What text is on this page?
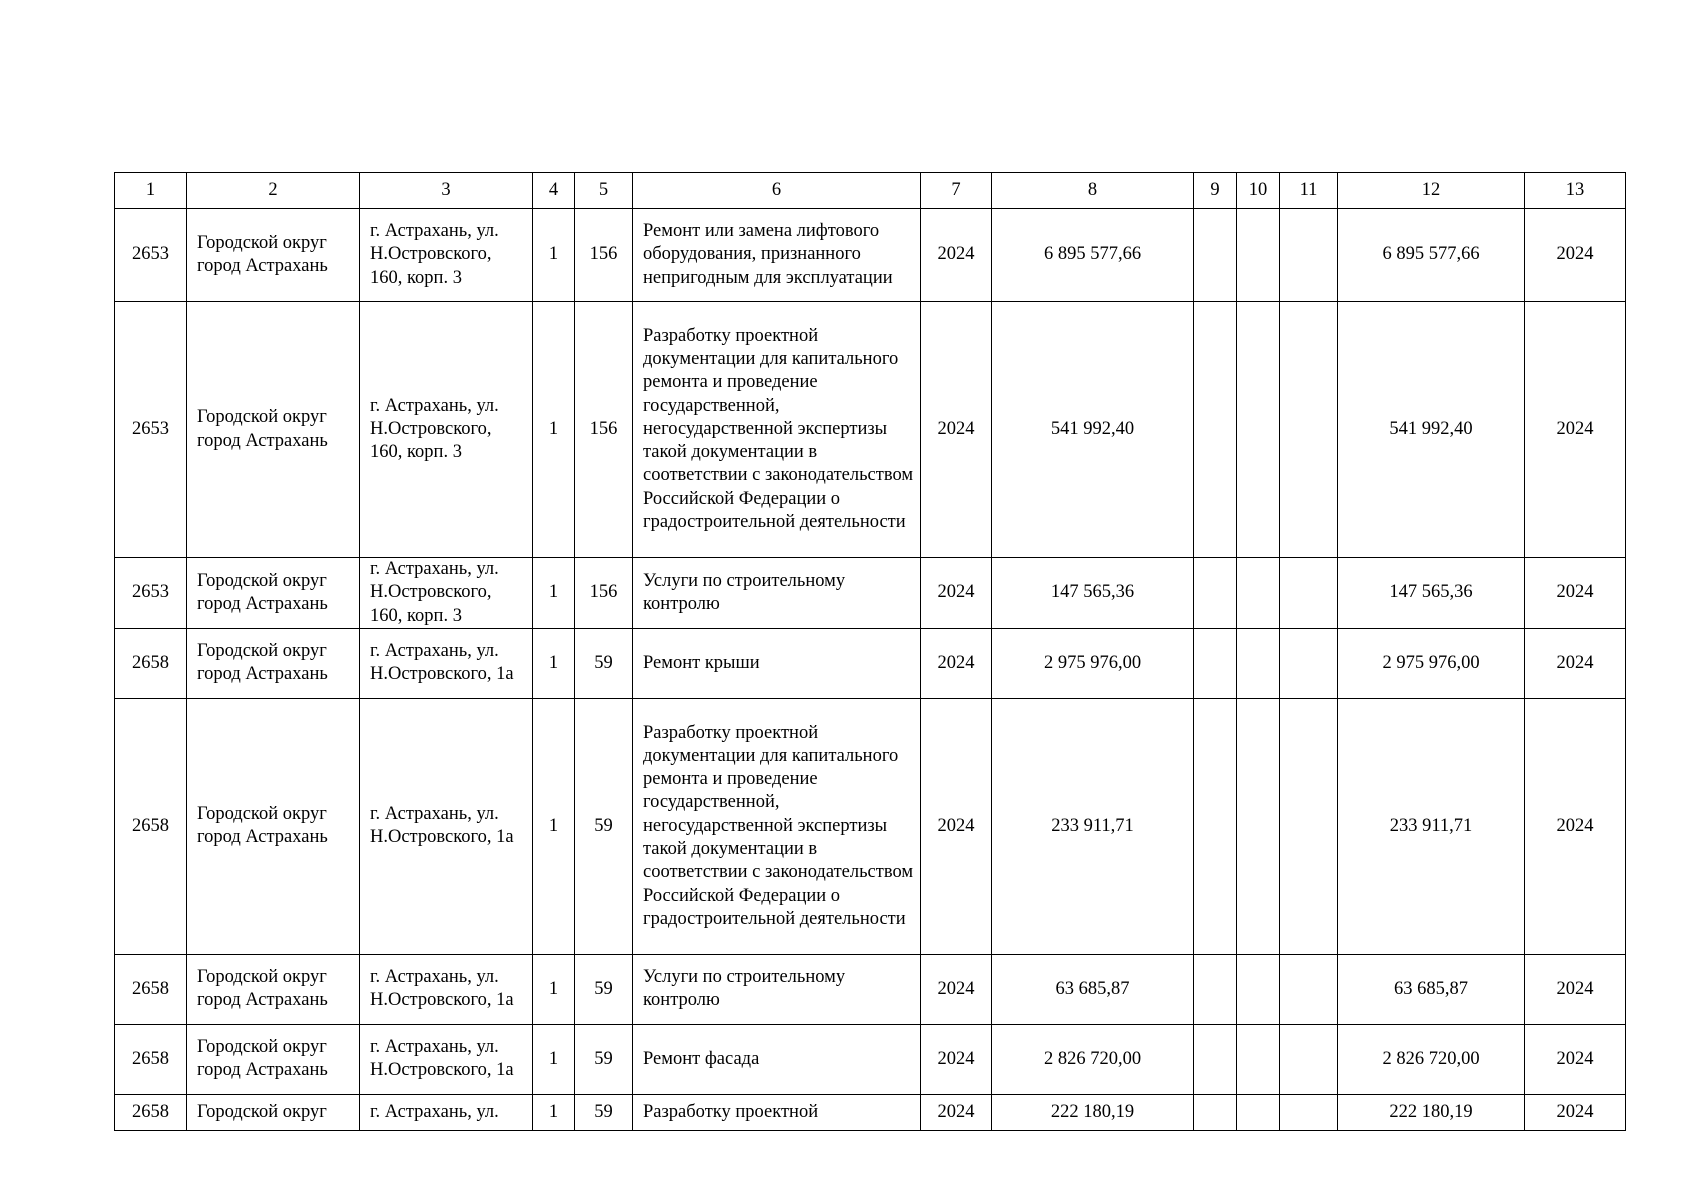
1	2	3	4	5	6	7	8	9	10	11	12	13
2653	Городской округ город Астрахань	г. Астрахань, ул. Н.Островского, 160, корп. 3	1	156	Ремонт или замена лифтового оборудования, признанного непригодным для эксплуатации	2024	6 895 577,66				6 895 577,66	2024
2653	Городской округ город Астрахань	г. Астрахань, ул. Н.Островского, 160, корп. 3	1	156	Разработку проектной документации для капитального ремонта и проведение государственной, негосударственной экспертизы такой документации в соответствии с законодательством Российской Федерации о градостроительной деятельности	2024	541 992,40				541 992,40	2024
2653	Городской округ город Астрахань	г. Астрахань, ул. Н.Островского, 160, корп. 3	1	156	Услуги по строительному контролю	2024	147 565,36				147 565,36	2024
2658	Городской округ город Астрахань	г. Астрахань, ул. Н.Островского, 1а	1	59	Ремонт крыши	2024	2 975 976,00				2 975 976,00	2024
2658	Городской округ город Астрахань	г. Астрахань, ул. Н.Островского, 1а	1	59	Разработку проектной документации для капитального ремонта и проведение государственной, негосударственной экспертизы такой документации в соответствии с законодательством Российской Федерации о градостроительной деятельности	2024	233 911,71				233 911,71	2024
2658	Городской округ город Астрахань	г. Астрахань, ул. Н.Островского, 1а	1	59	Услуги по строительному контролю	2024	63 685,87				63 685,87	2024
2658	Городской округ город Астрахань	г. Астрахань, ул. Н.Островского, 1а	1	59	Ремонт фасада	2024	2 826 720,00				2 826 720,00	2024
2658	Городской округ	г. Астрахань, ул.	1	59	Разработку проектной	2024	222 180,19				222 180,19	2024
